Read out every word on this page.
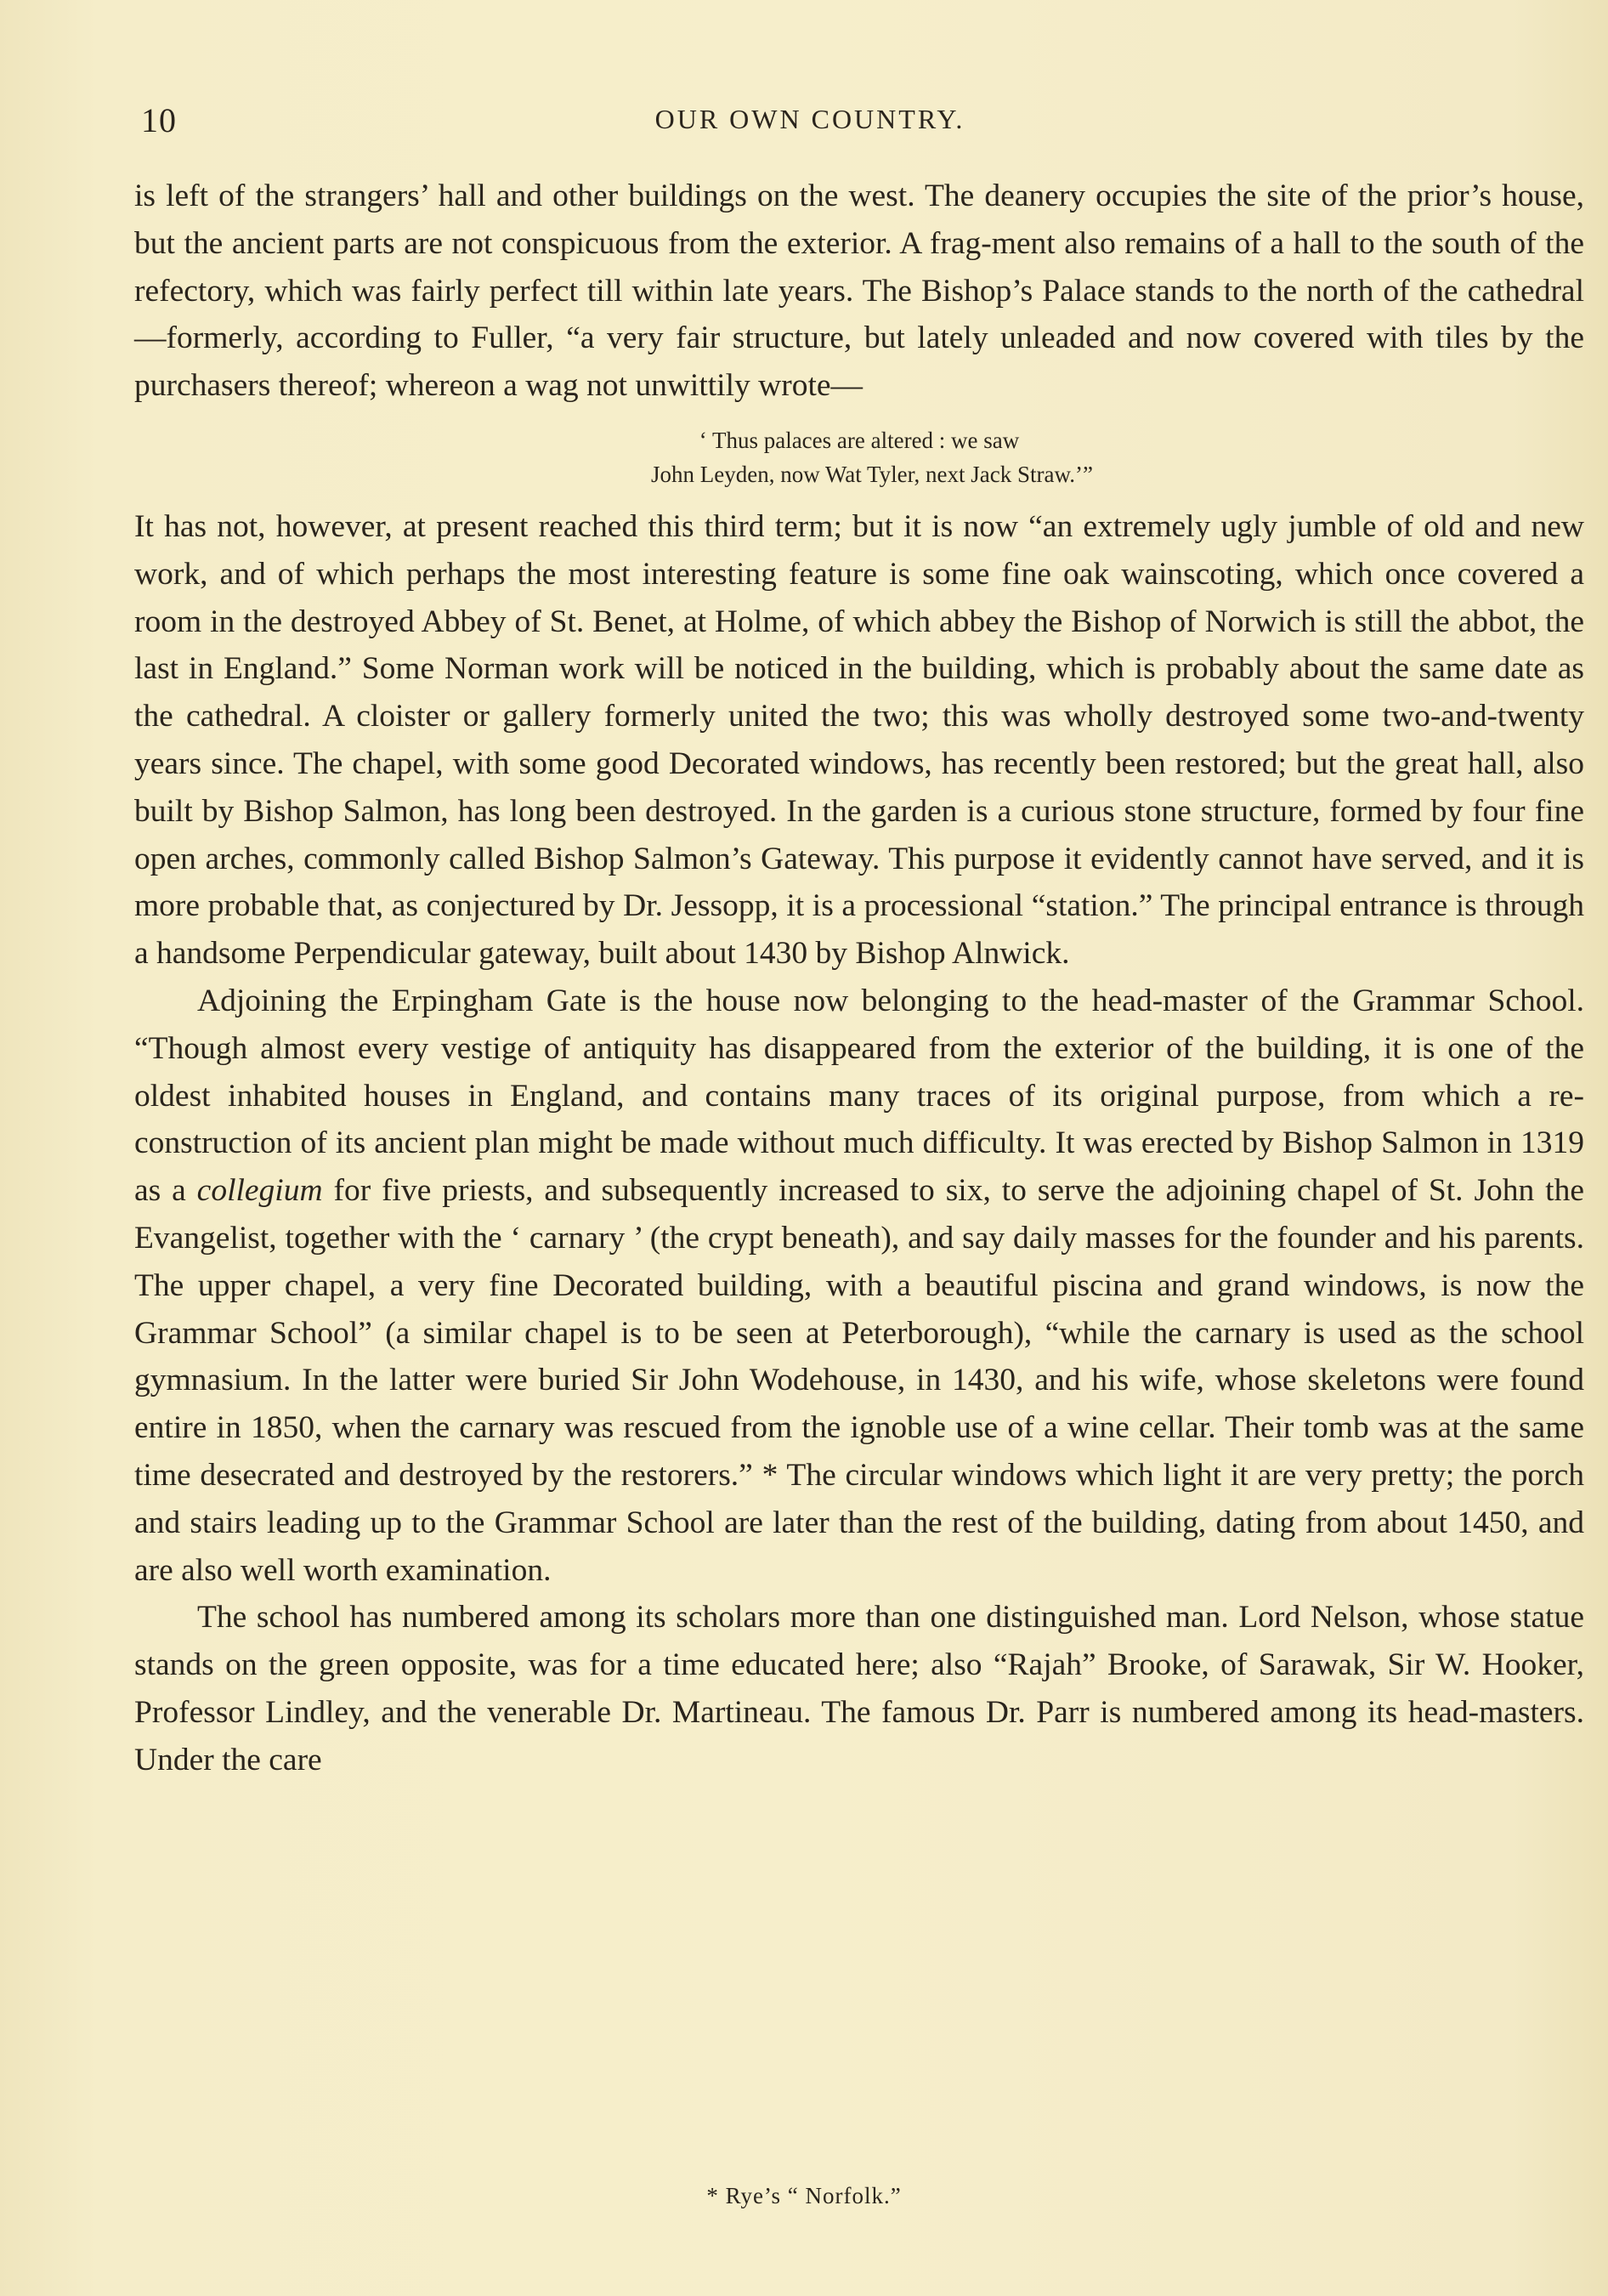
10	OUR OWN COUNTRY.

is left of the strangers’ hall and other buildings on the west. The deanery occupies the site of the prior’s house, but the ancient parts are not conspicuous from the exterior. A frag-ment also remains of a hall to the south of the refectory, which was fairly perfect till within late years. The Bishop’s Palace stands to the north of the cathedral—formerly, according to Fuller, “a very fair structure, but lately unleaded and now covered with tiles by the purchasers thereof; whereon a wag not unwittily wrote—

‘ Thus palaces are altered : we saw
John Leyden, now Wat Tyler, next Jack Straw.’”

It has not, however, at present reached this third term; but it is now “an extremely ugly jumble of old and new work, and of which perhaps the most interesting feature is some fine oak wainscoting, which once covered a room in the destroyed Abbey of St. Benet, at Holme, of which abbey the Bishop of Norwich is still the abbot, the last in England.” Some Norman work will be noticed in the building, which is probably about the same date as the cathedral. A cloister or gallery formerly united the two; this was wholly destroyed some two-and-twenty years since. The chapel, with some good Decorated windows, has recently been restored; but the great hall, also built by Bishop Salmon, has long been destroyed. In the garden is a curious stone structure, formed by four fine open arches, commonly called Bishop Salmon’s Gateway. This purpose it evidently cannot have served, and it is more probable that, as conjectured by Dr. Jessopp, it is a processional “station.” The principal entrance is through a handsome Perpendicular gateway, built about 1430 by Bishop Alnwick.

Adjoining the Erpingham Gate is the house now belonging to the head-master of the Grammar School. “Though almost every vestige of antiquity has disappeared from the exterior of the building, it is one of the oldest inhabited houses in England, and contains many traces of its original purpose, from which a re-construction of its ancient plan might be made without much difficulty. It was erected by Bishop Salmon in 1319 as a collegium for five priests, and subsequently increased to six, to serve the adjoining chapel of St. John the Evangelist, together with the ‘ carnary ’ (the crypt beneath), and say daily masses for the founder and his parents. The upper chapel, a very fine Decorated building, with a beautiful piscina and grand windows, is now the Grammar School” (a similar chapel is to be seen at Peterborough), “while the carnary is used as the school gymnasium. In the latter were buried Sir John Wodehouse, in 1430, and his wife, whose skeletons were found entire in 1850, when the carnary was rescued from the ignoble use of a wine cellar. Their tomb was at the same time desecrated and destroyed by the restorers.” * The circular windows which light it are very pretty; the porch and stairs leading up to the Grammar School are later than the rest of the building, dating from about 1450, and are also well worth examination.

The school has numbered among its scholars more than one distinguished man. Lord Nelson, whose statue stands on the green opposite, was for a time educated here; also “Rajah” Brooke, of Sarawak, Sir W. Hooker, Professor Lindley, and the venerable Dr. Martineau. The famous Dr. Parr is numbered among its head-masters. Under the care

* Rye’s “ Norfolk.”
